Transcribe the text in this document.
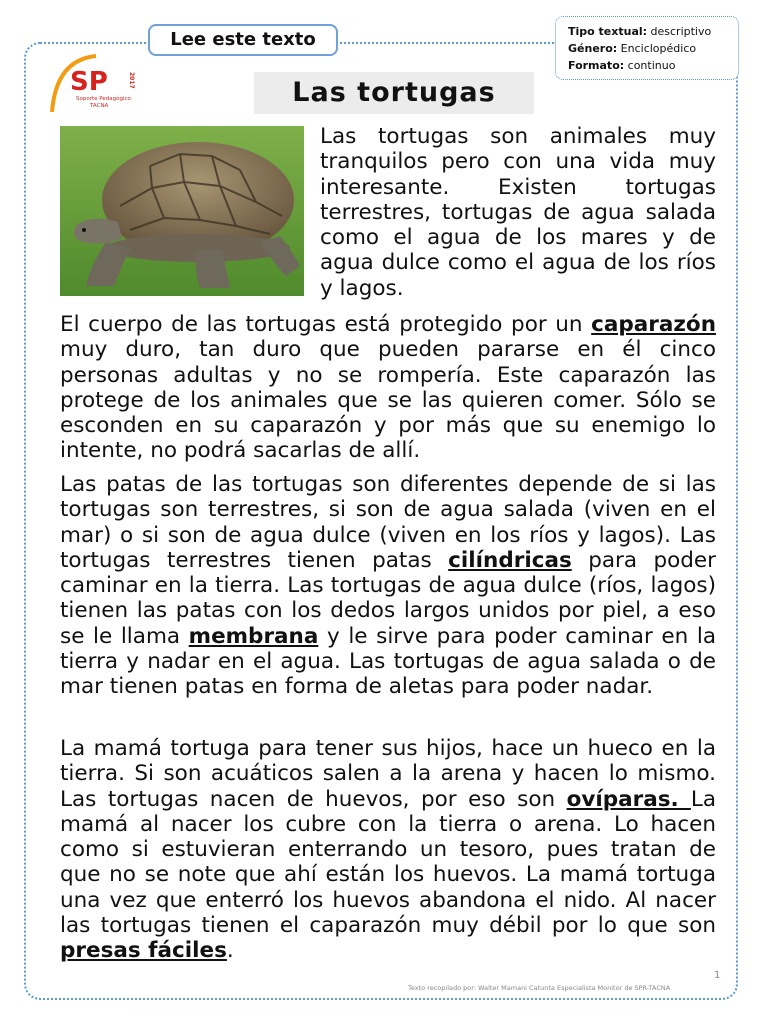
Lee este texto	Tipo textual: descriptivo
Género: Enciclopédico
Formato: continuo
SP	2017
Soporte Pedagógico
TACNA	Las tortugas

Las tortugas son animales muy tranquilos pero con una vida muy interesante. Existen tortugas terrestres, tortugas de agua salada como el agua de los mares y de agua dulce como el agua de los ríos y lagos.

El cuerpo de las tortugas está protegido por un caparazón muy duro, tan duro que pueden pararse en él cinco personas adultas y no se rompería. Este caparazón las protege de los animales que se las quieren comer. Sólo se esconden en su caparazón y por más que su enemigo lo intente, no podrá sacarlas de allí.

Las patas de las tortugas son diferentes depende de si las tortugas son terrestres, si son de agua salada (viven en el mar) o si son de agua dulce (viven en los ríos y lagos). Las tortugas terrestres tienen patas cilíndricas para poder caminar en la tierra. Las tortugas de agua dulce (ríos, lagos) tienen las patas con los dedos largos unidos por piel, a eso se le llama membrana y le sirve para poder caminar en la tierra y nadar en el agua. Las tortugas de agua salada o de mar tienen patas en forma de aletas para poder nadar.

La mamá tortuga para tener sus hijos, hace un hueco en la tierra. Si son acuáticos salen a la arena y hacen lo mismo. Las tortugas nacen de huevos, por eso son ovíparas. La mamá al nacer los cubre con la tierra o arena. Lo hacen como si estuvieran enterrando un tesoro, pues tratan de que no se note que ahí están los huevos. La mamá tortuga una vez que enterró los huevos abandona el nido. Al nacer las tortugas tienen el caparazón muy débil por lo que son presas fáciles.

1
Texto recopilado por: Walter Mamani Catunta Especialista Monitor de SPR-TACNA
